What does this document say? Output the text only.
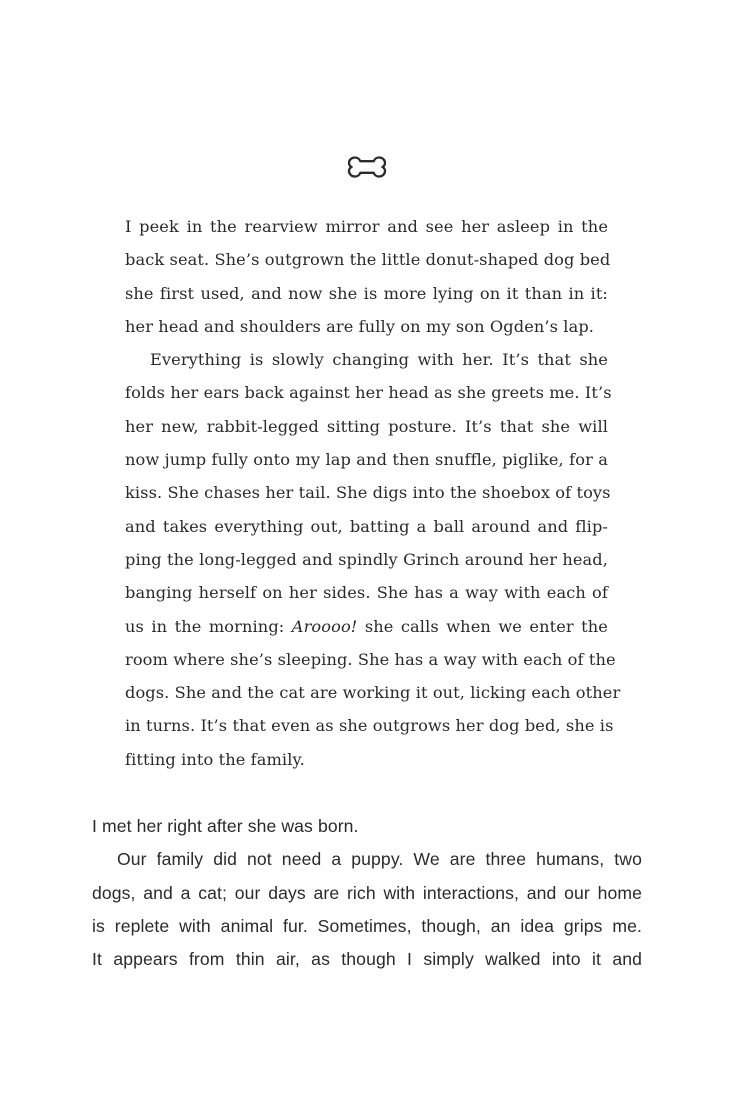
I peek in the rearview mirror and see her asleep in the
back seat. She’s outgrown the little donut-shaped dog bed
she first used, and now she is more lying on it than in it:
her head and shoulders are fully on my son Ogden’s lap.

Everything is slowly changing with her. It’s that she
folds her ears back against her head as she greets me. It’s
her new, rabbit-legged sitting posture. It’s that she will
now jump fully onto my lap and then snuffle, piglike, for a
kiss. She chases her tail. She digs into the shoebox of toys
and takes everything out, batting a ball around and flip-
ping the long-legged and spindly Grinch around her head,
banging herself on her sides. She has a way with each of
us in the morning: Aroooo! she calls when we enter the
room where she’s sleeping. She has a way with each of the
dogs. She and the cat are working it out, licking each other
in turns. It’s that even as she outgrows her dog bed, she is
fitting into the family.

I met her right after she was born.
Our family did not need a puppy. We are three humans, two
dogs, and a cat; our days are rich with interactions, and our home
is replete with animal fur. Sometimes, though, an idea grips me.
It appears from thin air, as though I simply walked into it and
